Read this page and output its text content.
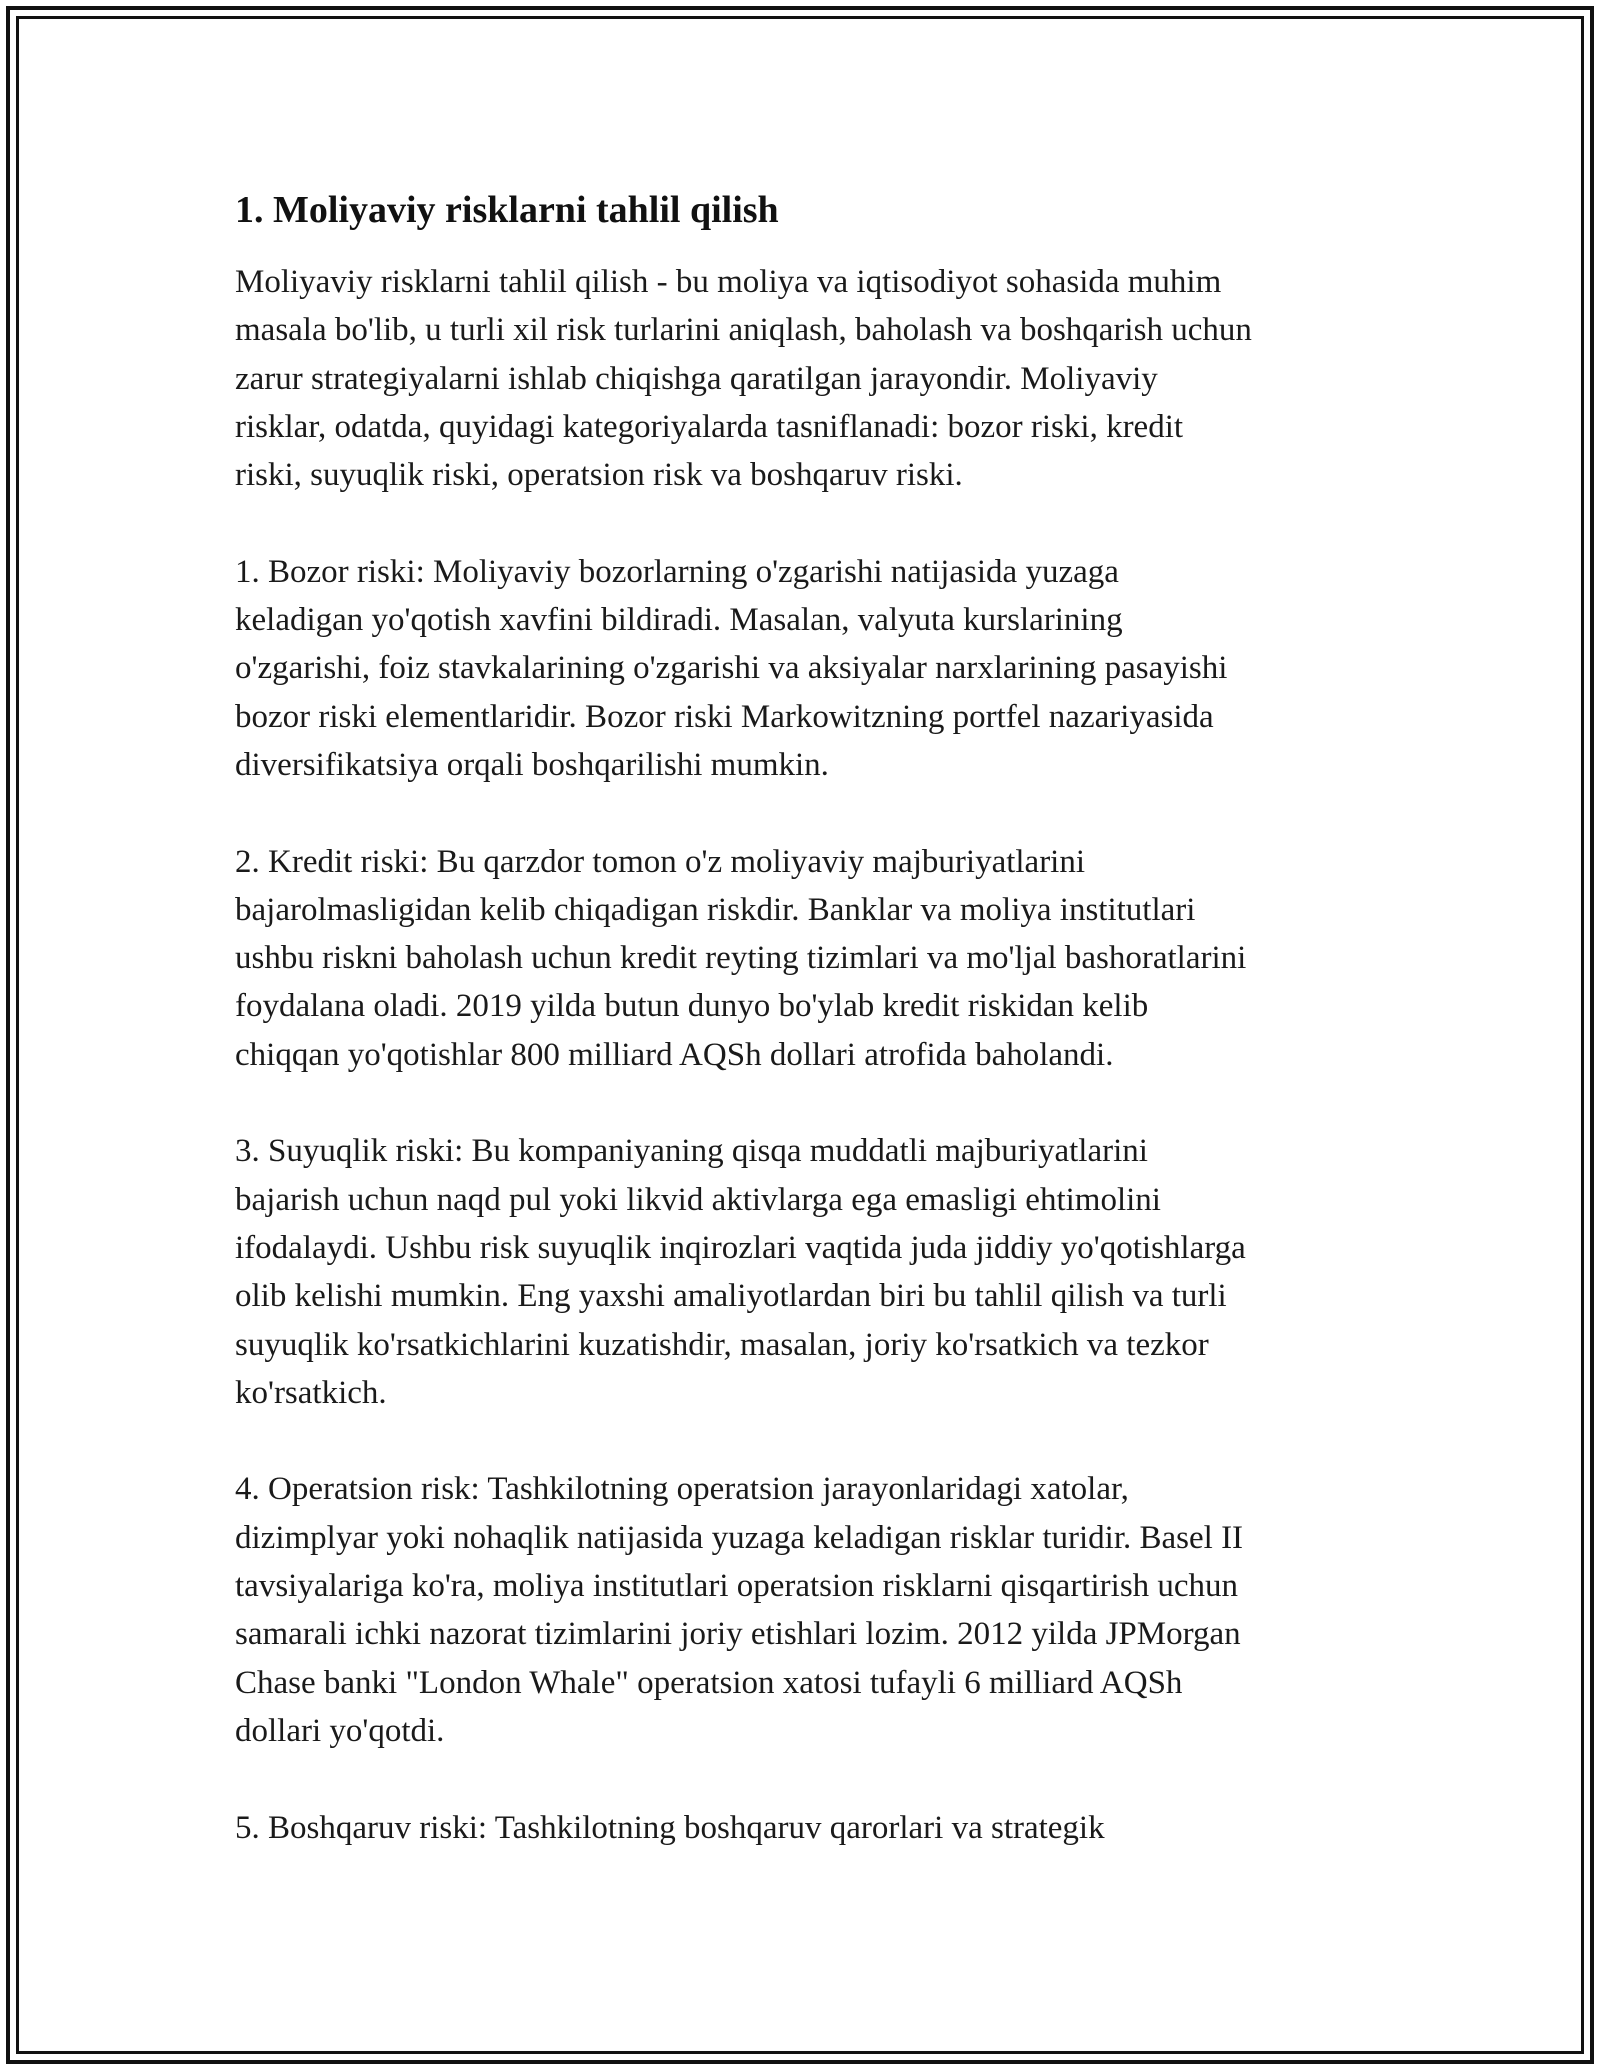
1. Moliyaviy risklarni tahlil qilish

Moliyaviy risklarni tahlil qilish - bu moliya va iqtisodiyot sohasida muhim
masala bo'lib, u turli xil risk turlarini aniqlash, baholash va boshqarish uchun
zarur strategiyalarni ishlab chiqishga qaratilgan jarayondir. Moliyaviy
risklar, odatda, quyidagi kategoriyalarda tasniflanadi: bozor riski, kredit
riski, suyuqlik riski, operatsion risk va boshqaruv riski.

1. Bozor riski: Moliyaviy bozorlarning o'zgarishi natijasida yuzaga
keladigan yo'qotish xavfini bildiradi. Masalan, valyuta kurslarining
o'zgarishi, foiz stavkalarining o'zgarishi va aksiyalar narxlarining pasayishi
bozor riski elementlaridir. Bozor riski Markowitzning portfel nazariyasida
diversifikatsiya orqali boshqarilishi mumkin.

2. Kredit riski: Bu qarzdor tomon o'z moliyaviy majburiyatlarini
bajarolmasligidan kelib chiqadigan riskdir. Banklar va moliya institutlari
ushbu riskni baholash uchun kredit reyting tizimlari va mo'ljal bashoratlarini
foydalana oladi. 2019 yilda butun dunyo bo'ylab kredit riskidan kelib
chiqqan yo'qotishlar 800 milliard AQSh dollari atrofida baholandi.

3. Suyuqlik riski: Bu kompaniyaning qisqa muddatli majburiyatlarini
bajarish uchun naqd pul yoki likvid aktivlarga ega emasligi ehtimolini
ifodalaydi. Ushbu risk suyuqlik inqirozlari vaqtida juda jiddiy yo'qotishlarga
olib kelishi mumkin. Eng yaxshi amaliyotlardan biri bu tahlil qilish va turli
suyuqlik ko'rsatkichlarini kuzatishdir, masalan, joriy ko'rsatkich va tezkor
ko'rsatkich.

4. Operatsion risk: Tashkilotning operatsion jarayonlaridagi xatolar,
dizimplyar yoki nohaqlik natijasida yuzaga keladigan risklar turidir. Basel II
tavsiyalariga ko'ra, moliya institutlari operatsion risklarni qisqartirish uchun
samarali ichki nazorat tizimlarini joriy etishlari lozim. 2012 yilda JPMorgan
Chase banki "London Whale" operatsion xatosi tufayli 6 milliard AQSh
dollari yo'qotdi.

5. Boshqaruv riski: Tashkilotning boshqaruv qarorlari va strategik
